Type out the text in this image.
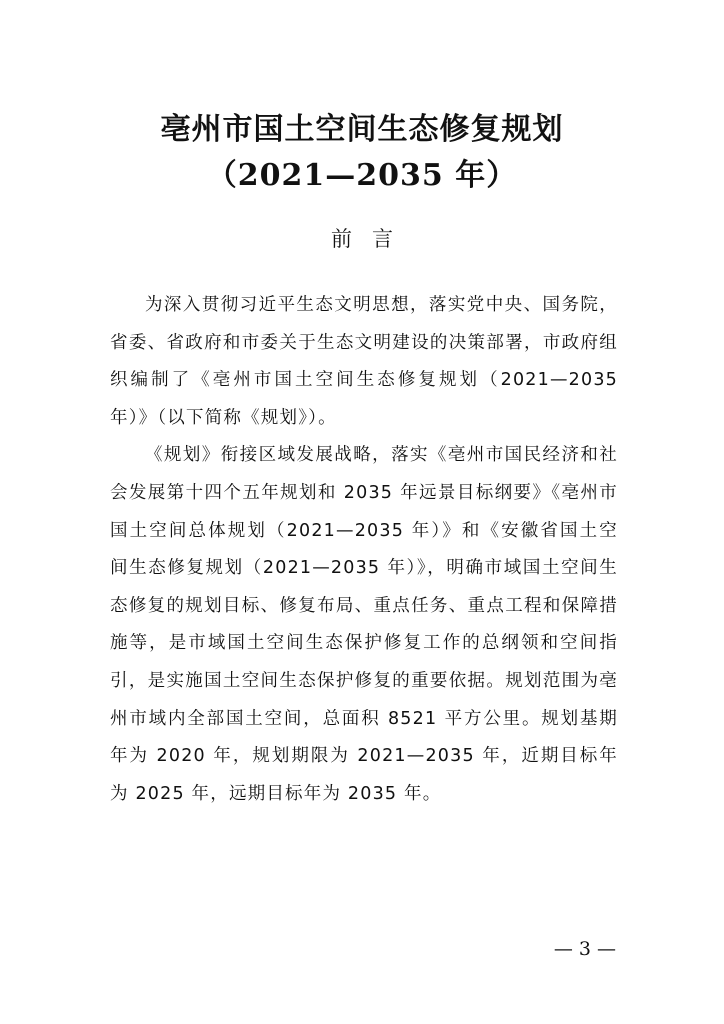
亳州市国土空间生态修复规划
（2021—2035 年）
前言

为深入贯彻习近平生态文明思想，落实党中央、国务院，省委、省政府和市委关于生态文明建设的决策部署，市政府组织编制了《亳州市国土空间生态修复规划（2021—2035 年）》（以下简称《规划》）。

《规划》衔接区域发展战略，落实《亳州市国民经济和社会发展第十四个五年规划和 2035 年远景目标纲要》《亳州市国土空间总体规划（2021—2035 年）》和《安徽省国土空间生态修复规划（2021—2035 年）》，明确市域国土空间生态修复的规划目标、修复布局、重点任务、重点工程和保障措施等，是市域国土空间生态保护修复工作的总纲领和空间指引，是实施国土空间生态保护修复的重要依据。规划范围为亳州市域内全部国土空间，总面积 8521 平方公里。规划基期年为 2020 年，规划期限为 2021—2035 年，近期目标年为 2025 年，远期目标年为 2035 年。

— 3 —
